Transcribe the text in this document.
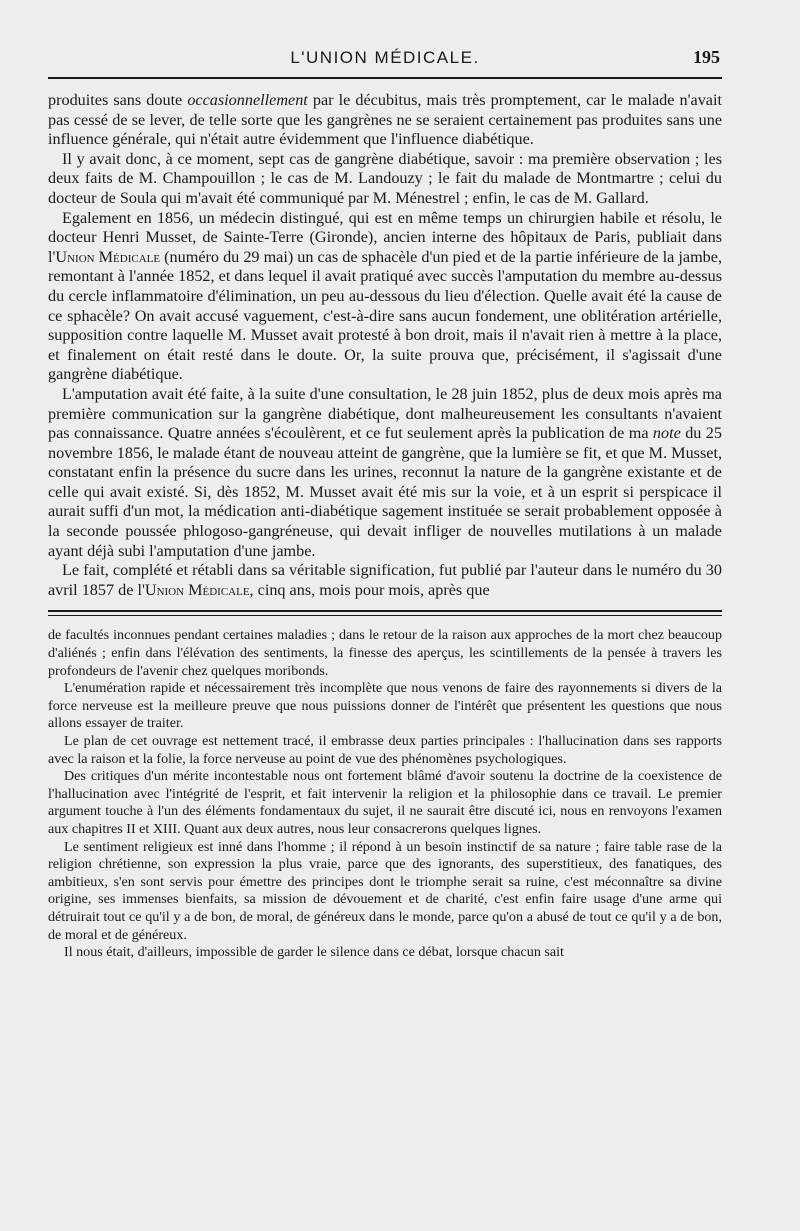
L'UNION MÉDICALE.	195

produites sans doute occasionnellement par le décubitus, mais très promptement, car le malade n'avait pas cessé de se lever, de telle sorte que les gangrènes ne se seraient certainement pas produites sans une influence générale, qui n'était autre évidemment que l'influence diabétique.

Il y avait donc, à ce moment, sept cas de gangrène diabétique, savoir : ma première observation ; les deux faits de M. Champouillon ; le cas de M. Landouzy ; le fait du malade de Montmartre ; celui du docteur de Soula qui m'avait été communiqué par M. Ménestrel ; enfin, le cas de M. Gallard.

Egalement en 1856, un médecin distingué, qui est en même temps un chirurgien habile et résolu, le docteur Henri Musset, de Sainte-Terre (Gironde), ancien interne des hôpitaux de Paris, publiait dans l'Union Médicale (numéro du 29 mai) un cas de sphacèle d'un pied et de la partie inférieure de la jambe, remontant à l'année 1852, et dans lequel il avait pratiqué avec succès l'amputation du membre au-dessus du cercle inflammatoire d'élimination, un peu au-dessous du lieu d'élection. Quelle avait été la cause de ce sphacèle? On avait accusé vaguement, c'est-à-dire sans aucun fondement, une oblitération artérielle, supposition contre laquelle M. Musset avait protesté à bon droit, mais il n'avait rien à mettre à la place, et finalement on était resté dans le doute. Or, la suite prouva que, précisément, il s'agissait d'une gangrène diabétique.

L'amputation avait été faite, à la suite d'une consultation, le 28 juin 1852, plus de deux mois après ma première communication sur la gangrène diabétique, dont malheureusement les consultants n'avaient pas connaissance. Quatre années s'écoulèrent, et ce fut seulement après la publication de ma note du 25 novembre 1856, le malade étant de nouveau atteint de gangrène, que la lumière se fit, et que M. Musset, constatant enfin la présence du sucre dans les urines, reconnut la nature de la gangrène existante et de celle qui avait existé. Si, dès 1852, M. Musset avait été mis sur la voie, et à un esprit si perspicace il aurait suffi d'un mot, la médication anti-diabétique sagement instituée se serait probablement opposée à la seconde poussée phlogoso-gangréneuse, qui devait infliger de nouvelles mutilations à un malade ayant déjà subi l'amputation d'une jambe.

Le fait, complété et rétabli dans sa véritable signification, fut publié par l'auteur dans le numéro du 30 avril 1857 de l'Union Médicale, cinq ans, mois pour mois, après que

de facultés inconnues pendant certaines maladies ; dans le retour de la raison aux approches de la mort chez beaucoup d'aliénés ; enfin dans l'élévation des sentiments, la finesse des aperçus, les scintillements de la pensée à travers les profondeurs de l'avenir chez quelques moribonds.

L'enumération rapide et nécessairement très incomplète que nous venons de faire des rayonnements si divers de la force nerveuse est la meilleure preuve que nous puissions donner de l'intérêt que présentent les questions que nous allons essayer de traiter.

Le plan de cet ouvrage est nettement tracé, il embrasse deux parties principales : l'hallucination dans ses rapports avec la raison et la folie, la force nerveuse au point de vue des phénomènes psychologiques.

Des critiques d'un mérite incontestable nous ont fortement blâmé d'avoir soutenu la doctrine de la coexistence de l'hallucination avec l'intégrité de l'esprit, et fait intervenir la religion et la philosophie dans ce travail. Le premier argument touche à l'un des éléments fondamentaux du sujet, il ne saurait être discuté ici, nous en renvoyons l'examen aux chapitres II et XIII. Quant aux deux autres, nous leur consacrerons quelques lignes.

Le sentiment religieux est inné dans l'homme ; il répond à un besoin instinctif de sa nature ; faire table rase de la religion chrétienne, son expression la plus vraie, parce que des ignorants, des superstitieux, des fanatiques, des ambitieux, s'en sont servis pour émettre des principes dont le triomphe serait sa ruine, c'est méconnaître sa divine origine, ses immenses bienfaits, sa mission de dévouement et de charité, c'est enfin faire usage d'une arme qui détruirait tout ce qu'il y a de bon, de moral, de généreux dans le monde, parce qu'on a abusé de tout ce qu'il y a de bon, de moral et de généreux.

Il nous était, d'ailleurs, impossible de garder le silence dans ce débat, lorsque chacun sait
